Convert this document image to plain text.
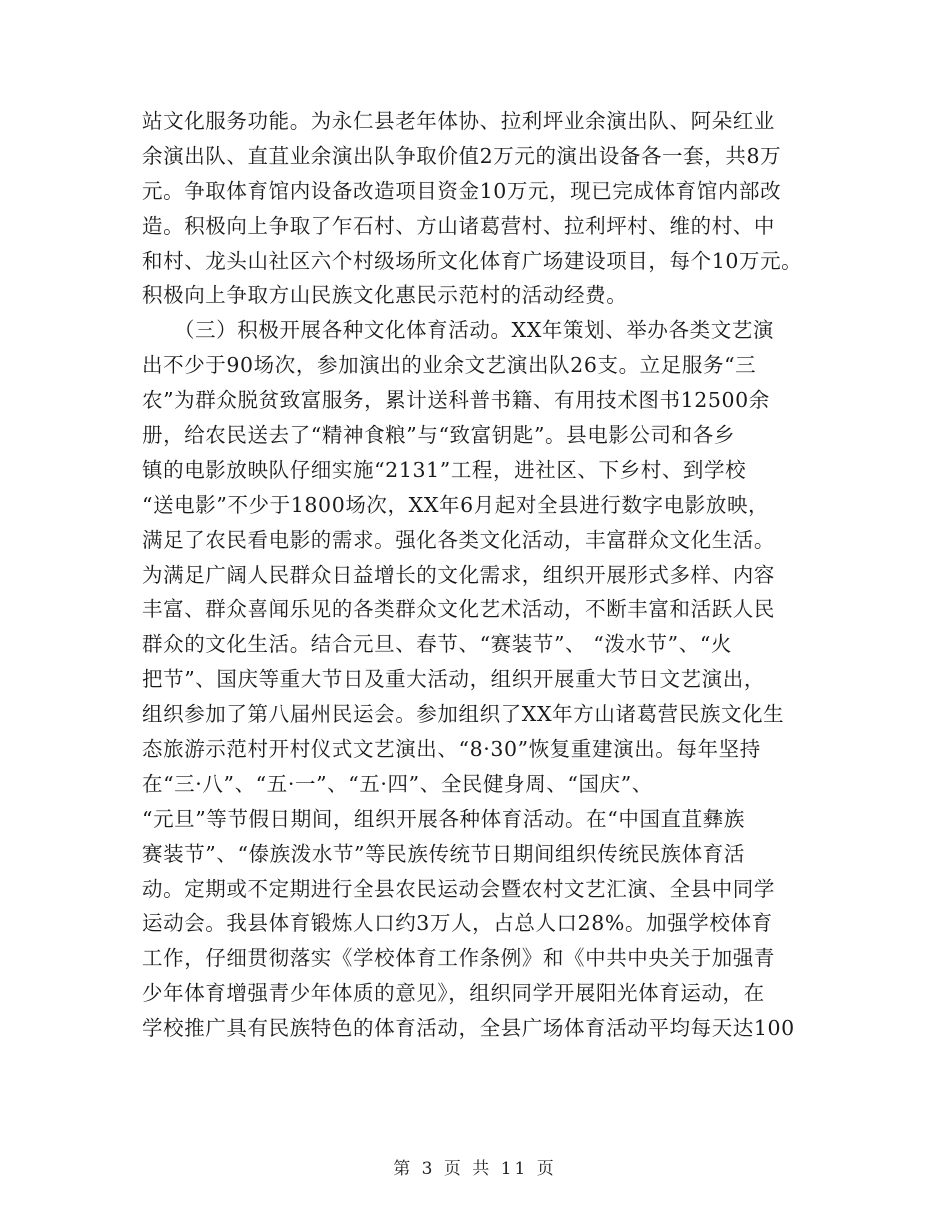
站文化服务功能。为永仁县老年体协、拉利坪业余演出队、阿朵红业
余演出队、直苴业余演出队争取价值2万元的演出设备各一套，共8万
元。争取体育馆内设备改造项目资金10万元，现已完成体育馆内部改
造。积极向上争取了乍石村、方山诸葛营村、拉利坪村、维的村、中
和村、龙头山社区六个村级场所文化体育广场建设项目，每个10万元。
积极向上争取方山民族文化惠民示范村的活动经费。
　　（三）积极开展各种文化体育活动。XX年策划、举办各类文艺演
出不少于90场次，参加演出的业余文艺演出队26支。立足服务“三
农”为群众脱贫致富服务，累计送科普书籍、有用技术图书12500余
册，给农民送去了“精神食粮”与“致富钥匙”。县电影公司和各乡
镇的电影放映队仔细实施“2131”工程，进社区、下乡村、到学校
“送电影”不少于1800场次，XX年6月起对全县进行数字电影放映，
满足了农民看电影的需求。强化各类文化活动，丰富群众文化生活。
为满足广阔人民群众日益增长的文化需求，组织开展形式多样、内容
丰富、群众喜闻乐见的各类群众文化艺术活动，不断丰富和活跃人民
群众的文化生活。结合元旦、春节、“赛装节”、 “泼水节”、“火
把节”、国庆等重大节日及重大活动，组织开展重大节日文艺演出，
组织参加了第八届州民运会。参加组织了XX年方山诸葛营民族文化生
态旅游示范村开村仪式文艺演出、“8·30”恢复重建演出。每年坚持
在“三·八”、“五·一”、“五·四”、全民健身周、“国庆”、
“元旦”等节假日期间，组织开展各种体育活动。在“中国直苴彝族
赛装节”、“傣族泼水节”等民族传统节日期间组织传统民族体育活
动。定期或不定期进行全县农民运动会暨农村文艺汇演、全县中同学
运动会。我县体育锻炼人口约3万人，占总人口28%。加强学校体育
工作，仔细贯彻落实《学校体育工作条例》和《中共中央关于加强青
少年体育增强青少年体质的意见》，组织同学开展阳光体育运动，在
学校推广具有民族特色的体育活动，全县广场体育活动平均每天达100
第 3 页 共 11 页
